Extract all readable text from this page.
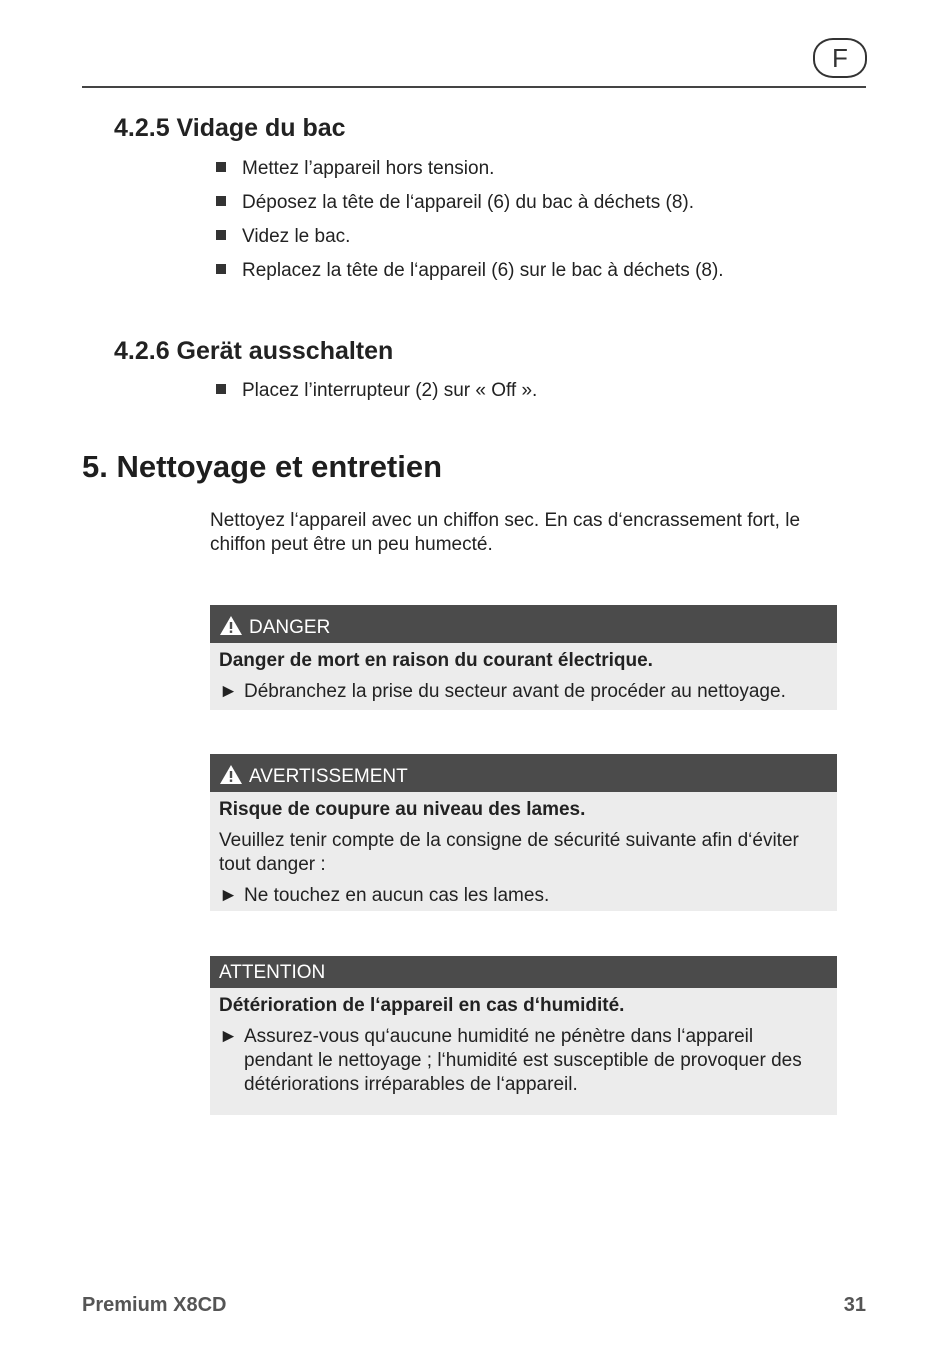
F
4.2.5 Vidage du bac
Mettez l’appareil hors tension.
Déposez la tête de l‘appareil (6) du bac à déchets (8).
Videz le bac.
Replacez la tête de l‘appareil (6) sur le bac à déchets (8).
4.2.6 Gerät ausschalten
Placez l’interrupteur (2) sur « Off ».
5. Nettoyage et entretien

Nettoyez l‘appareil avec un chiffon sec. En cas d‘encrassement fort, le chiffon peut être un peu humecté.

DANGER
Danger de mort en raison du courant électrique.
► Débranchez la prise du secteur avant de procéder au nettoyage.
AVERTISSEMENT
Risque de coupure au niveau des lames.
Veuillez tenir compte de la consigne de sécurité suivante afin d‘éviter tout danger :
► Ne touchez en aucun cas les lames.
ATTENTION
Détérioration de l‘appareil en cas d‘humidité.
► Assurez-vous qu‘aucune humidité ne pénètre dans l‘appareil pendant le nettoyage ; l‘humidité est susceptible de provoquer des détériorations irréparables de l‘appareil.
Premium X8CD	31
